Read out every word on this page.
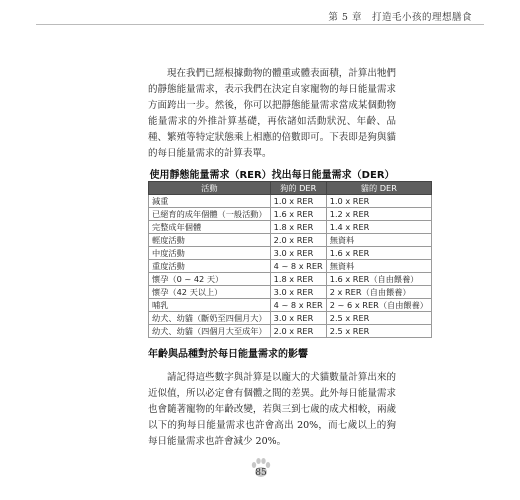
第 5 章　打造毛小孩的理想膳食

現在我們已經根據動物的體重或體表面積，計算出牠們的靜態能量需求，表示我們在決定自家寵物的每日能量需求方面跨出一步。然後，你可以把靜態能量需求當成某個動物能量需求的外推計算基礎，再依諸如活動狀況、年齡、品種、繁殖等特定狀態乘上相應的倍數即可。下表即是狗與貓的每日能量需求的計算表單。

使用靜態能量需求（RER）找出每日能量需求（DER）
活動	狗的 DER	貓的 DER
減重	1.0 x RER	1.0 x RER
已絕育的成年個體（一般活動）	1.6 x RER	1.2 x RER
完整成年個體	1.8 x RER	1.4 x RER
輕度活動	2.0 x RER	無資料
中度活動	3.0 x RER	1.6 x RER
重度活動	4 ~ 8 x RER	無資料
懷孕（0 ~ 42 天）	1.8 x RER	1.6 x RER（自由餵養）
懷孕（42 天以上）	3.0 x RER	2 x RER（自由餵養）
哺乳	4 ~ 8 x RER	2 ~ 6 x RER（自由餵養）
幼犬、幼貓（斷奶至四個月大）	3.0 x RER	2.5 x RER
幼犬、幼貓（四個月大至成年）	2.0 x RER	2.5 x RER
年齡與品種對於每日能量需求的影響

請記得這些數字與計算是以龐大的犬貓數量計算出來的近似值，所以必定會有個體之間的差異。此外每日能量需求也會隨著寵物的年齡改變，若與三到七歲的成犬相較，兩歲以下的狗每日能量需求也許會高出 20%，而七歲以上的狗每日能量需求也許會減少 20%。

85
